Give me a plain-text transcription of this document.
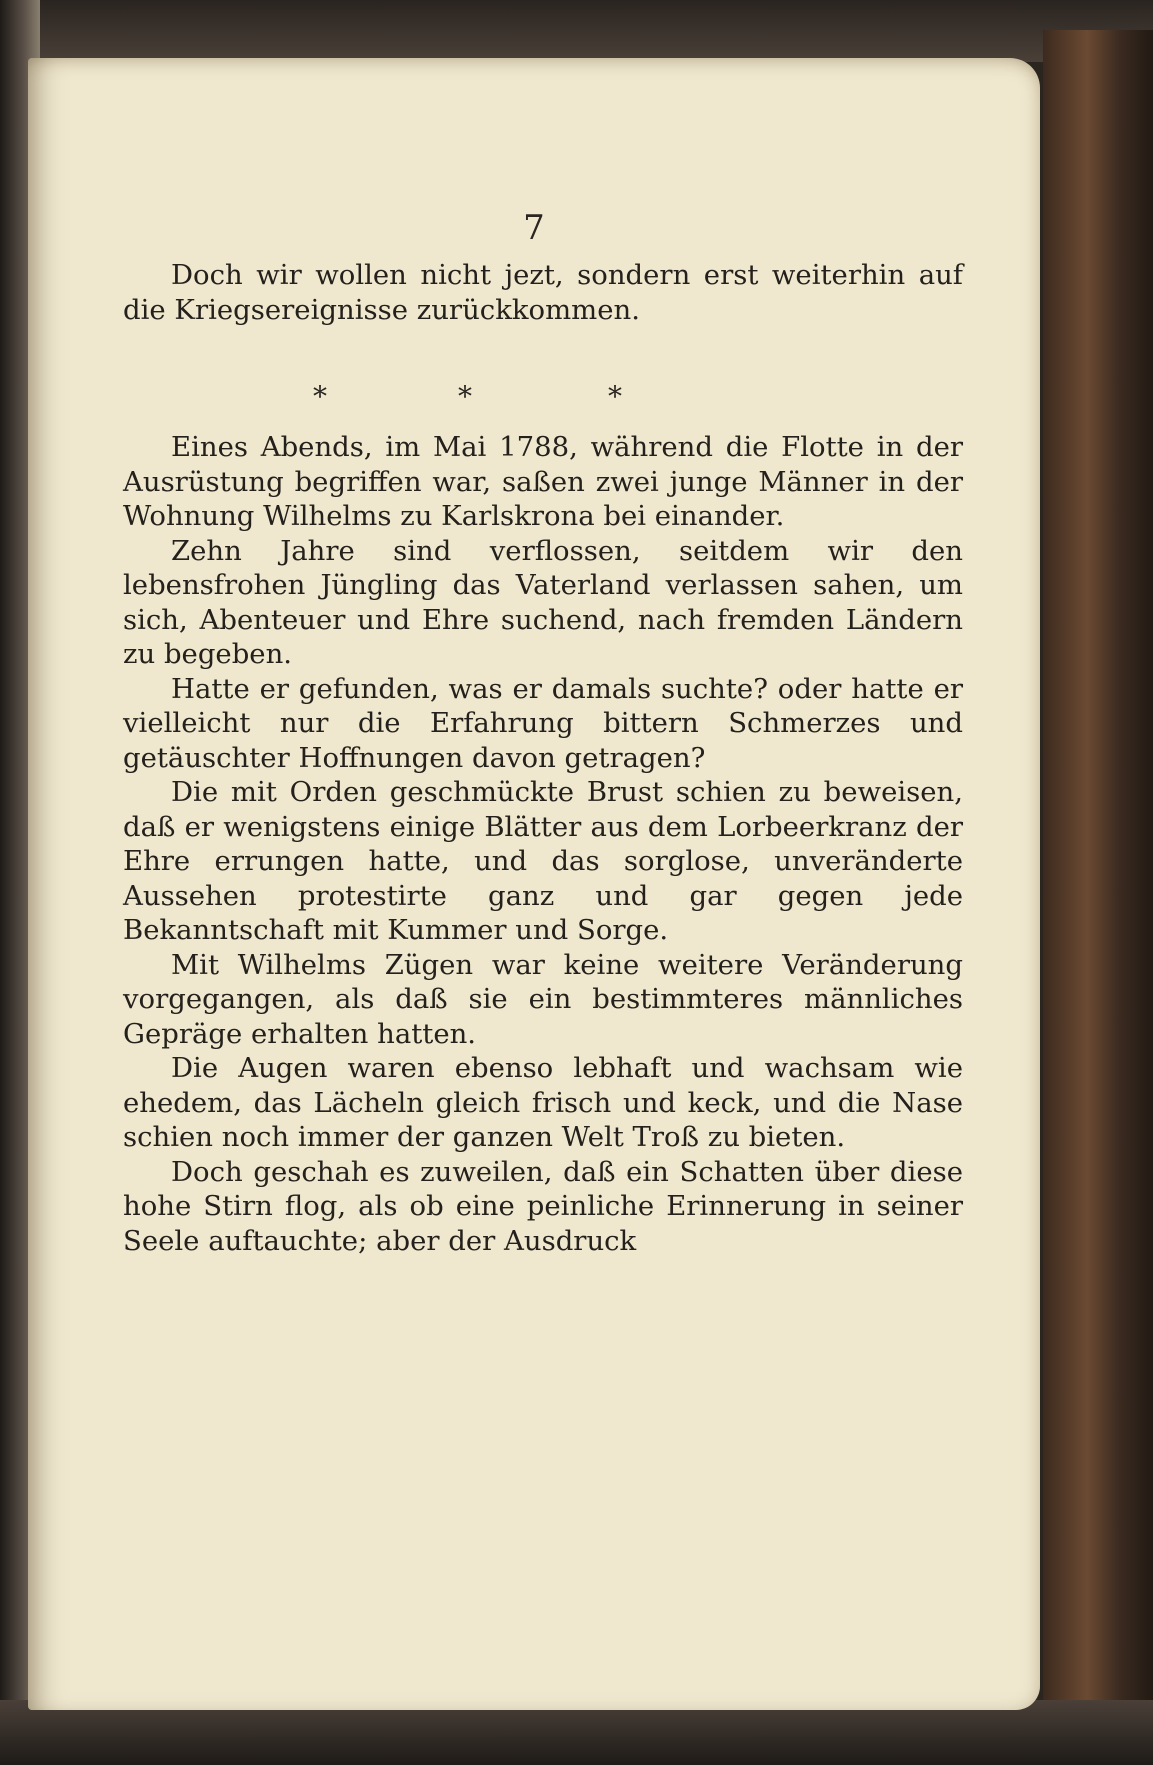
7

Doch wir wollen nicht jezt, sondern erst weiterhin auf die Kriegsereignisse zurückkommen.

*	*	*

Eines Abends, im Mai 1788, während die Flotte in der Ausrüstung begriffen war, saßen zwei junge Männer in der Wohnung Wilhelms zu Karlskrona bei einander.

Zehn Jahre sind verflossen, seitdem wir den lebensfrohen Jüngling das Vaterland verlassen sahen, um sich, Abenteuer und Ehre suchend, nach fremden Ländern zu begeben.

Hatte er gefunden, was er damals suchte? oder hatte er vielleicht nur die Erfahrung bittern Schmerzes und getäuschter Hoffnungen davon getragen?

Die mit Orden geschmückte Brust schien zu beweisen, daß er wenigstens einige Blätter aus dem Lorbeerkranz der Ehre errungen hatte, und das sorglose, unveränderte Aussehen protestirte ganz und gar gegen jede Bekanntschaft mit Kummer und Sorge.

Mit Wilhelms Zügen war keine weitere Veränderung vorgegangen, als daß sie ein bestimmteres männliches Gepräge erhalten hatten.

Die Augen waren ebenso lebhaft und wachsam wie ehedem, das Lächeln gleich frisch und keck, und die Nase schien noch immer der ganzen Welt Troß zu bieten.

Doch geschah es zuweilen, daß ein Schatten über diese hohe Stirn flog, als ob eine peinliche Erinnerung in seiner Seele auftauchte; aber der Ausdruck
